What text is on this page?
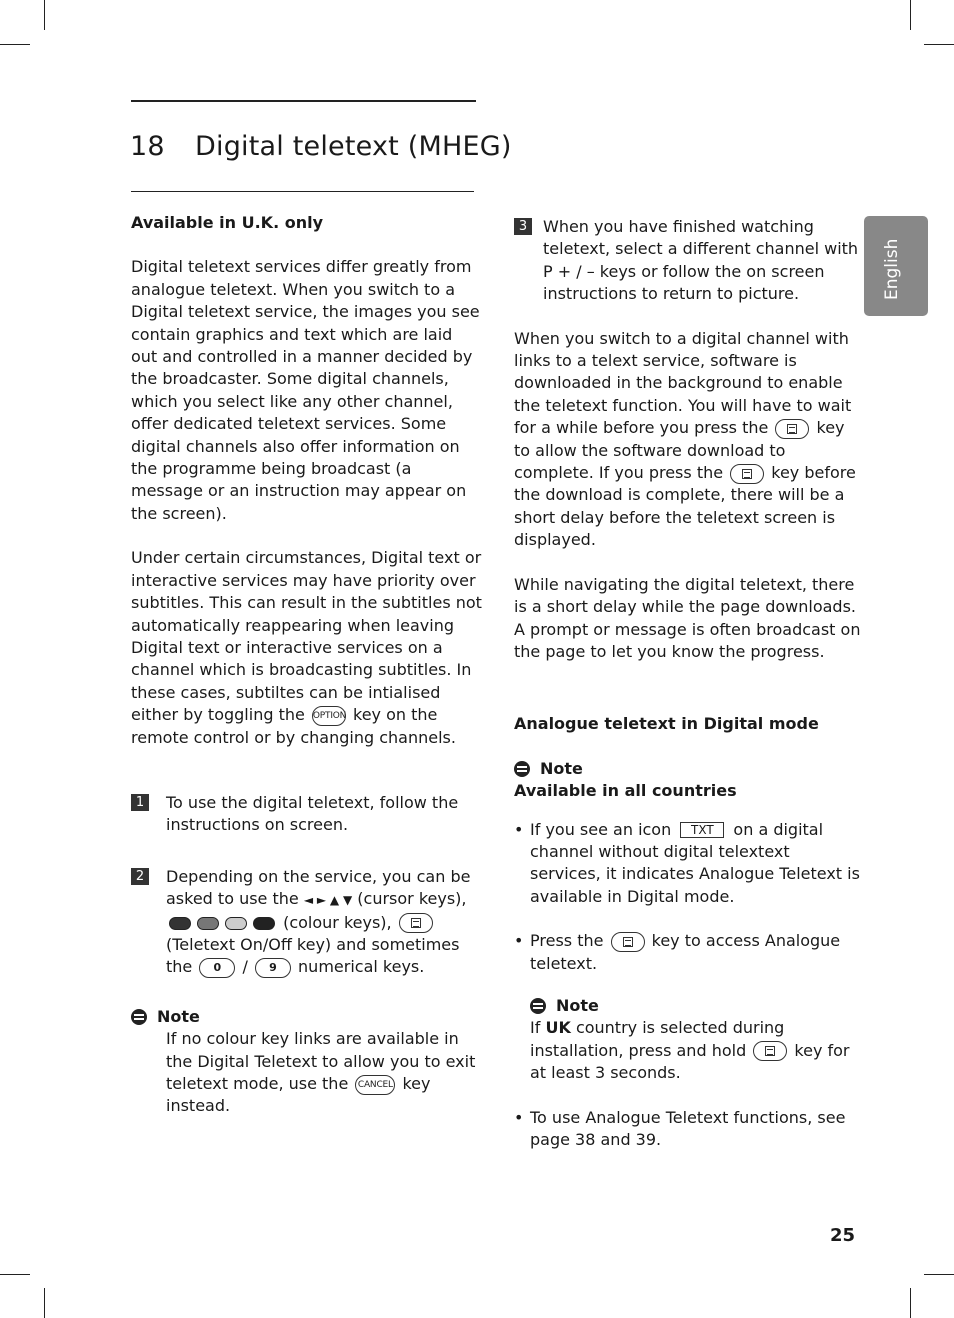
18 Digital teletext (MHEG)
English

Available in U.K. only

Digital teletext services differ greatly from analogue teletext. When you switch to a Digital teletext service, the images you see contain graphics and text which are laid out and controlled in a manner decided by the broadcaster. Some digital channels, which you select like any other channel, offer dedicated teletext services. Some digital channels also offer information on the programme being broadcast (a message or an instruction may appear on the screen).

Under certain circumstances, Digital text or interactive services may have priority over subtitles. This can result in the subtitles not automatically reappearing when leaving Digital text or interactive services on a channel which is broadcasting subtitles. In these cases, subtiltes can be intialised either by toggling the OPTION key on the remote control or by changing channels.

1	To use the digital teletext, follow the instructions on screen.

2	Depending on the service, you can be asked to use the ◄ ► ▲ ▼ (cursor keys),  (colour keys),  (Teletext On/Off key) and sometimes the 0 / 9 numerical keys.

Note

If no colour key links are available in the Digital Teletext to allow you to exit teletext mode, use the CANCEL key instead.

3 When you have finished watching teletext, select a different channel with P + / – keys or follow the on screen instructions to return to picture.

When you switch to a digital channel with links to a telext service, software is downloaded in the background to enable the teletext function. You will have to wait for a while before you press the	key to allow the software download to complete. If you press the	key before the download is complete, there will be a short delay before the teletext screen is displayed.

While navigating the digital teletext, there is a short delay while the page downloads. A prompt or message is often broadcast on the page to let you know the progress.

Analogue teletext in Digital mode

Note

Available in all countries

• If you see an icon TXT on a digital channel without digital telextext services, it indicates Analogue Teletext is available in Digital mode.

• Press the	key to access Analogue teletext.

Note

If UK country is selected during installation, press and hold	key for at least 3 seconds.

• To use Analogue Teletext functions, see page 38 and 39.

25
